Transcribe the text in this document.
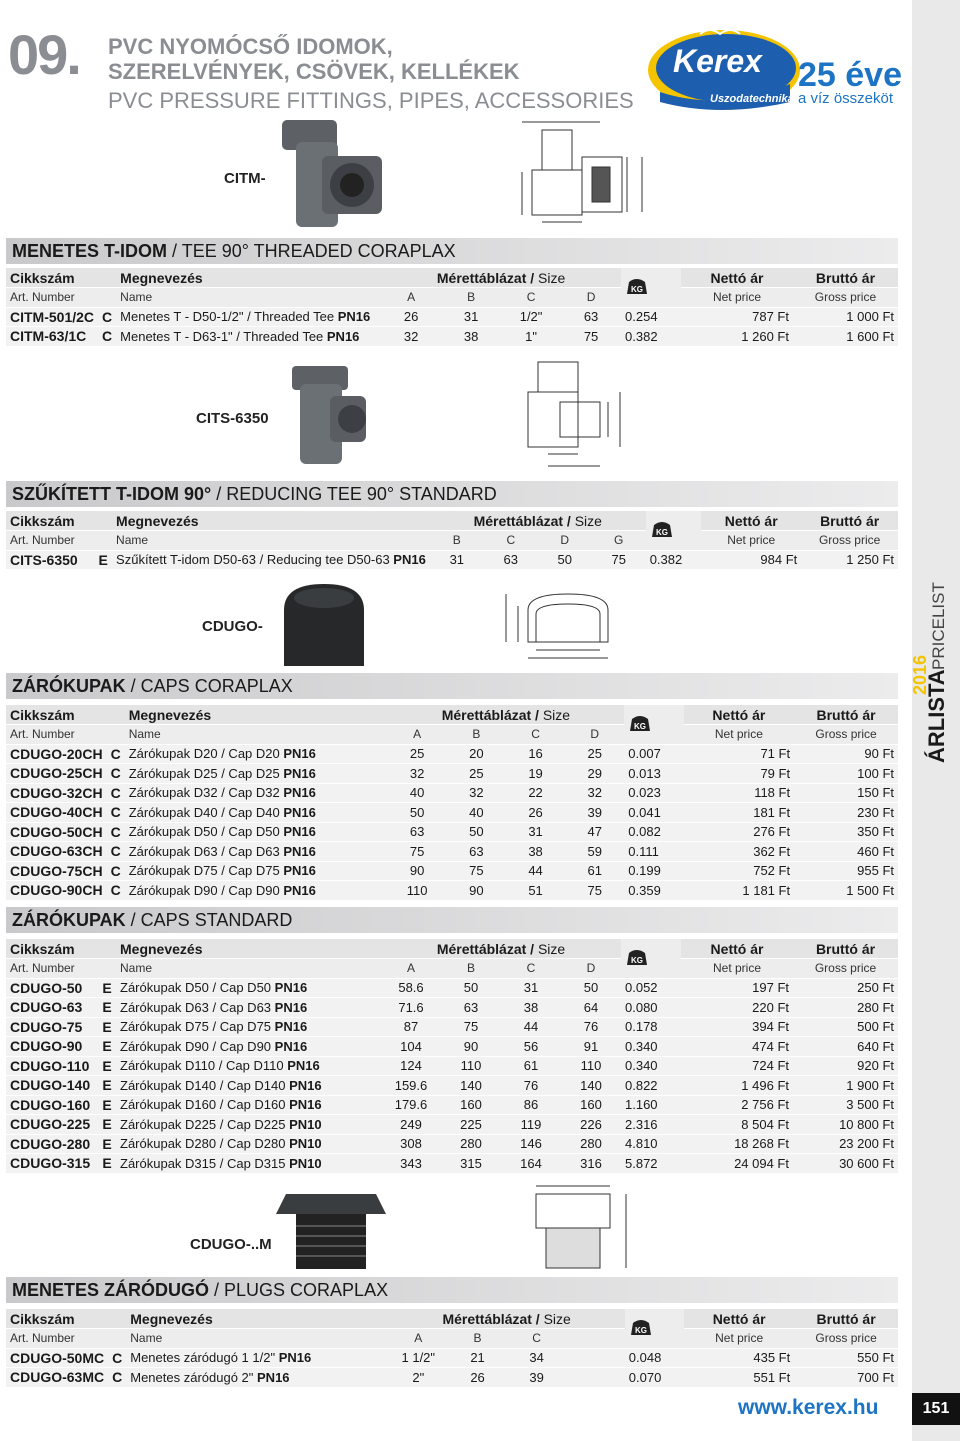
09. PVC NYOMÓCSŐ IDOMOK,
SZERELVÉNYEK, CSÖVEK, KELLÉKEK
PVC PRESSURE FITTINGS, PIPES, ACCESSORIES
Kerex
Uszodatechnika
25 éve
a víz összeköt
ÁRLISTA
2016
PRICELIST
www.kerex.hu	151
CITM-
CITS-6350
CDUGO-
CDUGO-..M
MENETES T-IDOM / TEE 90° THREADED CORAPLAX
Cikkszám		Megnevezés	Mérettáblázat / Size				KG	Nettó ár	Bruttó ár
Art. Number		Name	A	B	C	D		Net price	Gross price
CITM-501/2C	C	Menetes T - D50-1/2" / Threaded Tee PN16	26	31	1/2"	63	0.254	787 Ft	1 000 Ft
CITM-63/1C	C	Menetes T - D63-1" / Threaded Tee PN16	32	38	1"	75	0.382	1 260 Ft	1 600 Ft
SZŰKÍTETT T-IDOM 90° / REDUCING TEE 90° STANDARD
Cikkszám		Megnevezés	Mérettáblázat / Size				KG	Nettó ár	Bruttó ár
Art. Number		Name	B	C	D	G		Net price	Gross price
CITS-6350	E	Szűkített T-idom D50-63 / Reducing tee D50-63 PN16	31	63	50	75	0.382	984 Ft	1 250 Ft
ZÁRÓKUPAK / CAPS CORAPLAX
Cikkszám		Megnevezés	Mérettáblázat / Size				KG	Nettó ár	Bruttó ár
Art. Number		Name	A	B	C	D		Net price	Gross price
CDUGO-20CH	C	Zárókupak D20 / Cap D20 PN16	25	20	16	25	0.007	71 Ft	90 Ft
CDUGO-25CH	C	Zárókupak D25 / Cap D25 PN16	32	25	19	29	0.013	79 Ft	100 Ft
CDUGO-32CH	C	Zárókupak D32 / Cap D32 PN16	40	32	22	32	0.023	118 Ft	150 Ft
CDUGO-40CH	C	Zárókupak D40 / Cap D40 PN16	50	40	26	39	0.041	181 Ft	230 Ft
CDUGO-50CH	C	Zárókupak D50 / Cap D50 PN16	63	50	31	47	0.082	276 Ft	350 Ft
CDUGO-63CH	C	Zárókupak D63 / Cap D63 PN16	75	63	38	59	0.111	362 Ft	460 Ft
CDUGO-75CH	C	Zárókupak D75 / Cap D75 PN16	90	75	44	61	0.199	752 Ft	955 Ft
CDUGO-90CH	C	Zárókupak D90 / Cap D90 PN16	110	90	51	75	0.359	1 181 Ft	1 500 Ft
ZÁRÓKUPAK / CAPS STANDARD
Cikkszám		Megnevezés	Mérettáblázat / Size				KG	Nettó ár	Bruttó ár
Art. Number		Name	A	B	C	D		Net price	Gross price
CDUGO-50	E	Zárókupak D50 / Cap D50 PN16	58.6	50	31	50	0.052	197 Ft	250 Ft
CDUGO-63	E	Zárókupak D63 / Cap D63 PN16	71.6	63	38	64	0.080	220 Ft	280 Ft
CDUGO-75	E	Zárókupak D75 / Cap D75 PN16	87	75	44	76	0.178	394 Ft	500 Ft
CDUGO-90	E	Zárókupak D90 / Cap D90 PN16	104	90	56	91	0.340	474 Ft	640 Ft
CDUGO-110	E	Zárókupak D110 / Cap D110 PN16	124	110	61	110	0.340	724 Ft	920 Ft
CDUGO-140	E	Zárókupak D140 / Cap D140 PN16	159.6	140	76	140	0.822	1 496 Ft	1 900 Ft
CDUGO-160	E	Zárókupak D160 / Cap D160 PN16	179.6	160	86	160	1.160	2 756 Ft	3 500 Ft
CDUGO-225	E	Zárókupak D225 / Cap D225 PN10	249	225	119	226	2.316	8 504 Ft	10 800 Ft
CDUGO-280	E	Zárókupak D280 / Cap D280 PN10	308	280	146	280	4.810	18 268 Ft	23 200 Ft
CDUGO-315	E	Zárókupak D315 / Cap D315 PN10	343	315	164	316	5.872	24 094 Ft	30 600 Ft
MENETES ZÁRÓDUGÓ / PLUGS CORAPLAX
Cikkszám		Megnevezés	Mérettáblázat / Size				KG	Nettó ár	Bruttó ár
Art. Number		Name	A	B	C			Net price	Gross price
CDUGO-50MC	C	Menetes záródugó 1 1/2" PN16	1 1/2"	21	34		0.048	435 Ft	550 Ft
CDUGO-63MC	C	Menetes záródugó 2" PN16	2"	26	39		0.070	551 Ft	700 Ft
